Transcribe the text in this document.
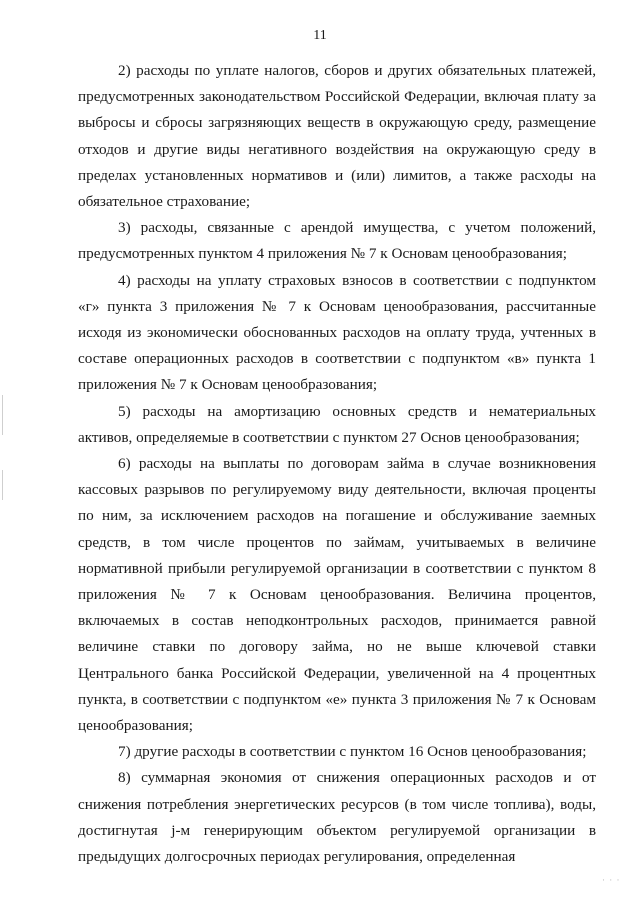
11

2) расходы по уплате налогов, сборов и других обязательных платежей, предусмотренных законодательством Российской Федерации, включая плату за выбросы и сбросы загрязняющих веществ в окружающую среду, размещение отходов и другие виды негативного воздействия на окружающую среду в пределах установленных нормативов и (или) лимитов, а также расходы на обязательное страхование;

3) расходы, связанные с арендой имущества, с учетом положений, предусмотренных пунктом 4 приложения № 7 к Основам ценообразования;

4) расходы на уплату страховых взносов в соответствии с подпунктом «г» пункта 3 приложения № 7 к Основам ценообразования, рассчитанные исходя из экономически обоснованных расходов на оплату труда, учтенных в составе операционных расходов в соответствии с подпунктом «в» пункта 1 приложения № 7 к Основам ценообразования;

5) расходы на амортизацию основных средств и нематериальных активов, определяемые в соответствии с пунктом 27 Основ ценообразования;

6) расходы на выплаты по договорам займа в случае возникновения кассовых разрывов по регулируемому виду деятельности, включая проценты по ним, за исключением расходов на погашение и обслуживание заемных средств, в том числе процентов по займам, учитываемых в величине нормативной прибыли регулируемой организации в соответствии с пунктом 8 приложения № 7 к Основам ценообразования. Величина процентов, включаемых в состав неподконтрольных расходов, принимается равной величине ставки по договору займа, но не выше ключевой ставки Центрального банка Российской Федерации, увеличенной на 4 процентных пункта, в соответствии с подпунктом «е» пункта 3 приложения № 7 к Основам ценообразования;

7) другие расходы в соответствии с пунктом 16 Основ ценообразования;

8) суммарная экономия от снижения операционных расходов и от снижения потребления энергетических ресурсов (в том числе топлива), воды, достигнутая j-м генерирующим объектом регулируемой организации в предыдущих долгосрочных периодах регулирования, определенная

· · ·
